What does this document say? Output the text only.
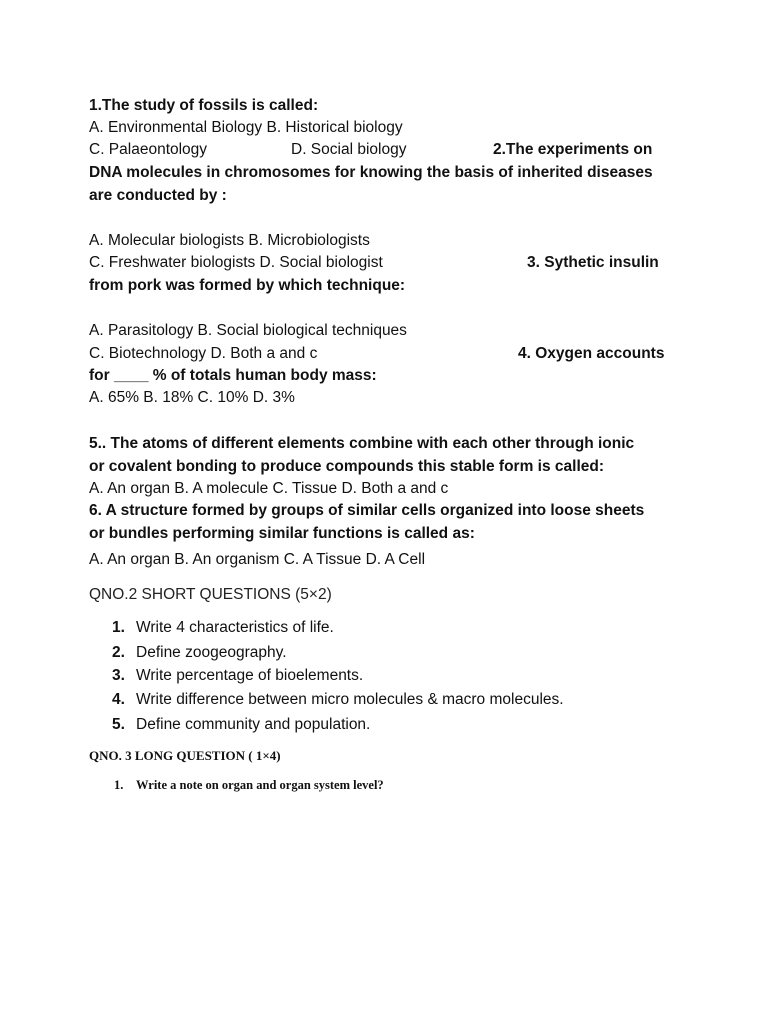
1.The study of fossils is called:
A. Environmental Biology B. Historical biology
C. Palaeontology	D. Social biology	2.The experiments on
DNA molecules in chromosomes for knowing the basis of inherited diseases
are conducted by :
A. Molecular biologists B. Microbiologists
C. Freshwater biologists D. Social biologist	3. Sythetic insulin
from pork was formed by which technique:
A. Parasitology B. Social biological techniques
C. Biotechnology D. Both a and c	4. Oxygen accounts
for ____ % of totals human body mass:
A. 65% B. 18% C. 10% D. 3%
5.. The atoms of different elements combine with each other through ionic
or covalent bonding to produce compounds this stable form is called:
A. An organ B. A molecule C. Tissue D. Both a and c
6. A structure formed by groups of similar cells organized into loose sheets
or bundles performing similar functions is called as:
A. An organ B. An organism C. A Tissue D. A Cell
QNO.2 SHORT QUESTIONS (5×2)
1. Write 4 characteristics of life.
2. Define zoogeography.
3. Write percentage of bioelements.
4. Write difference between micro molecules & macro molecules.
5. Define community and population.
QNO. 3 LONG QUESTION ( 1×4)
1. Write a note on organ and organ system level?
